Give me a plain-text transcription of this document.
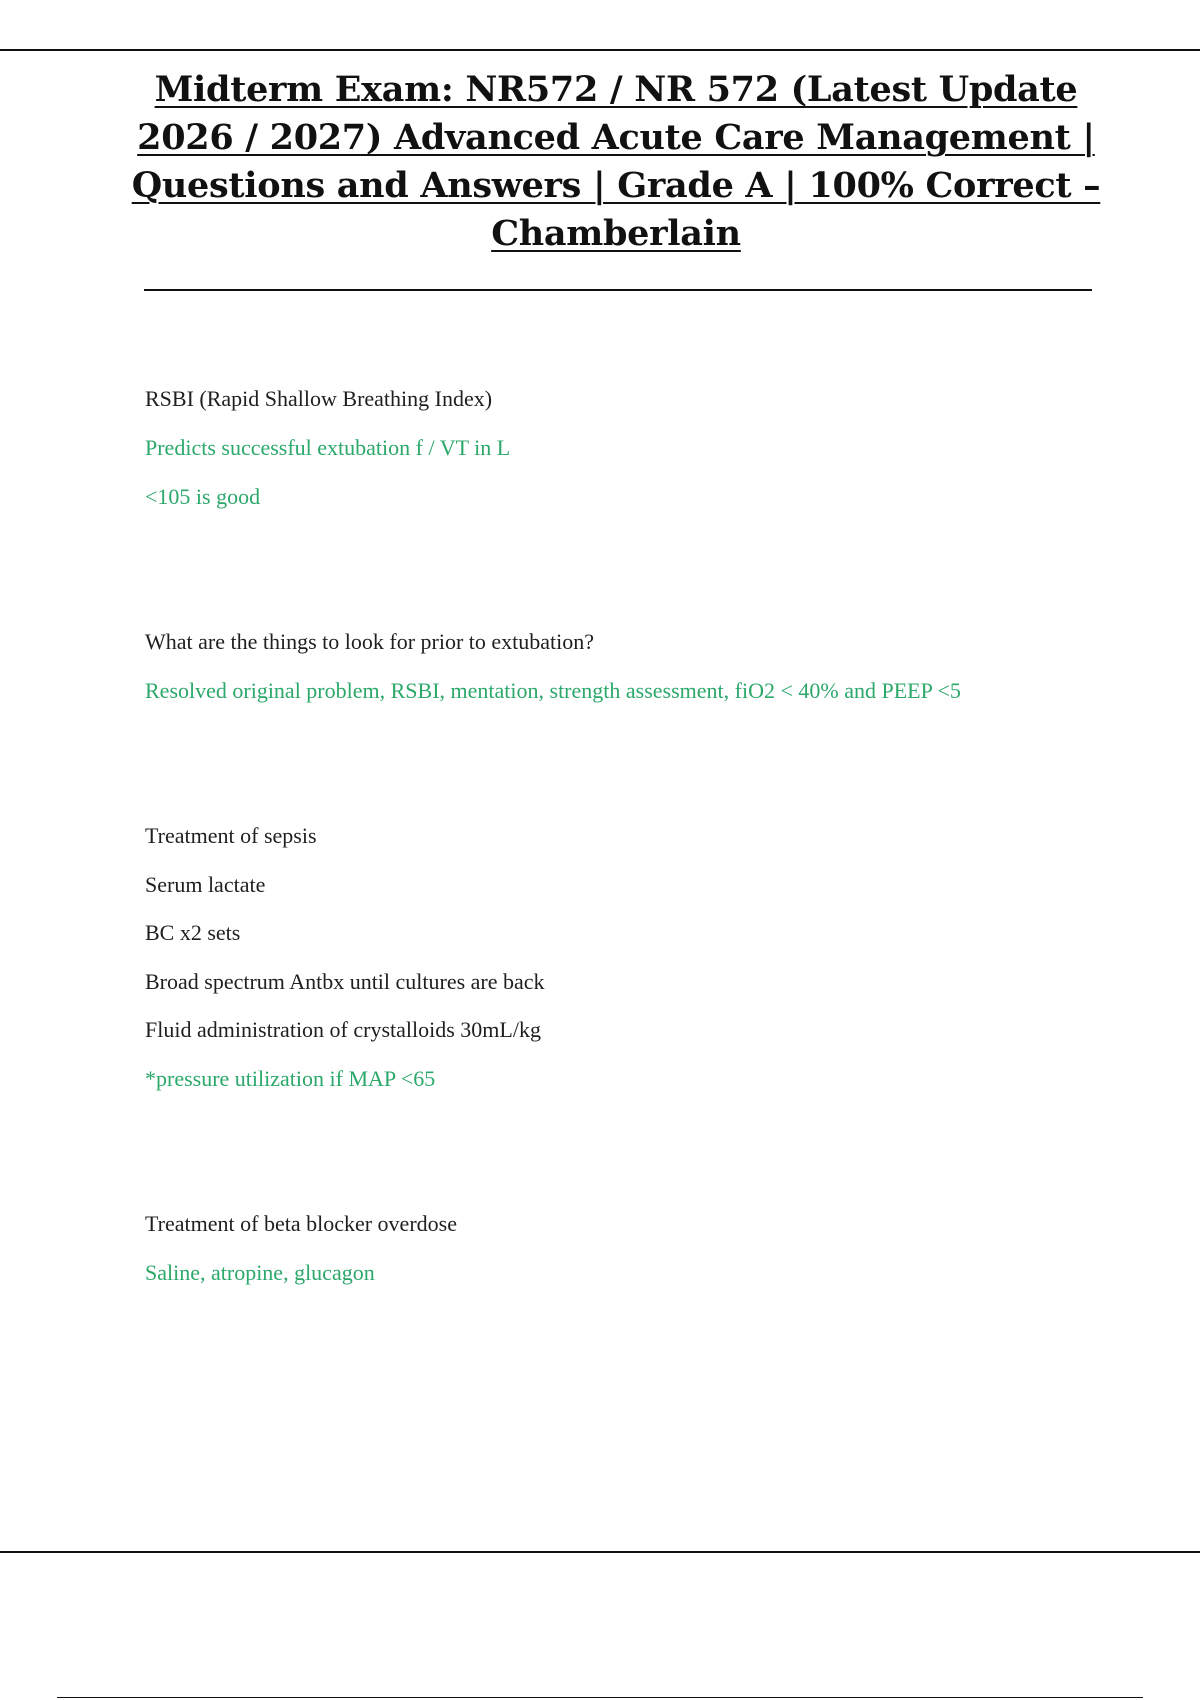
Midterm Exam: NR572 / NR 572 (Latest Update 2026 / 2027) Advanced Acute Care Management | Questions and Answers | Grade A | 100% Correct – Chamberlain

RSBI (Rapid Shallow Breathing Index)

Predicts successful extubation f / VT in L

<105 is good

What are the things to look for prior to extubation?

Resolved original problem, RSBI, mentation, strength assessment, fiO2 < 40% and PEEP <5

Treatment of sepsis

Serum lactate

BC x2 sets

Broad spectrum Antbx until cultures are back

Fluid administration of crystalloids 30mL/kg

*pressure utilization if MAP <65

Treatment of beta blocker overdose

Saline, atropine, glucagon
